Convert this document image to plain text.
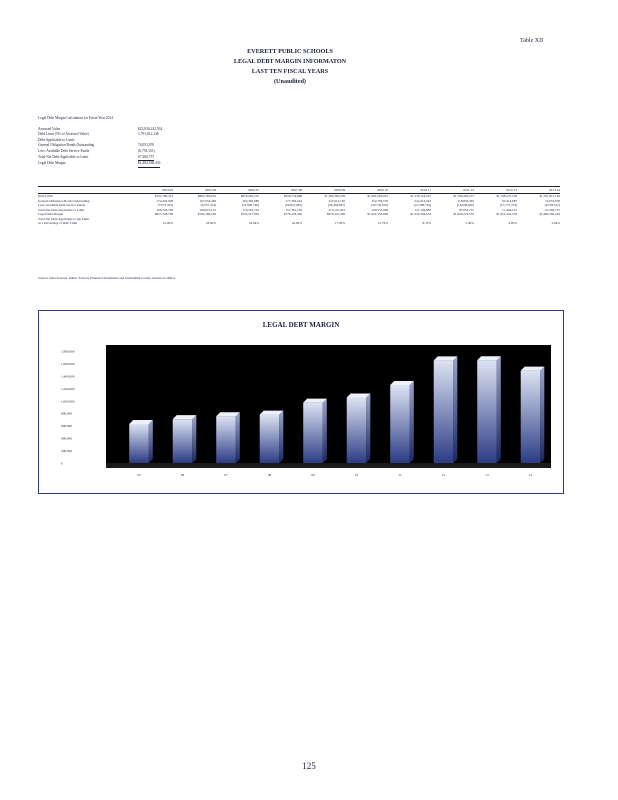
Table XII
EVERETT PUBLIC SCHOOLS
LEGAL DEBT MARGIN INFORMATON
LAST TEN FISCAL YEARS
(Unaudited)
Legal Debt Margin Calculation for Fiscal Year 2014
Assessed Value	$23,836,242,534
Debt Limit (5% of Assessed Value)	1,791,812,146
Debt Applicable to Limit:
General Obligation Bonds Outstanding	74,053,976
Less: Available Debt Service Funds	(6,793,161)
Total Net Debt Applicable to Limit	67,260,757
Legal Debt Margin	$1,484,560,433
2004-05	2005-06	2006-07	2007-08	2008-09	2009-10	2010-11	2011-12	2012-13	2013-14
Debt Limit	$701,789,312	$865,183,032	$879,402,210	$958,734,868	$1,183,360,239	$1,281,063,023	$1,578,124,227	$1,796,402,277	$1,798,272,108	$1,791,812,146
General Obligation Bonds Outstanding	174,402,028	167,032,439	202,365,986	177,302,424	247,612,165	252,706,578	242,414,543	218,832,463	93,414,687	74,053,976
Less: Available Debt Service Funds	(7,673,245)	(6,357,314)	(31,840,746)	(20,815,285)	(34,464,827)	(30,150,610)	(21,268,726)	(16,058,650)	(17,775,754)	(6,793,161)
Total Net Debt Applicable to Limit	166,728,783	160,675,125	170,765,710	157,361,140	213,147,461	160,555,968	121,146,887	87,054,757	77,464,121	67,260,757
Legal Debt Margin	$627,548,746	$704,180,230	$752,317,981	$778,432,430	$970,241,309	$1,052,550,660	$1,254,504,633	$1,650,276,555	$1,652,224,578	$1,484,560,433
Total Net Debt Applicable to the Limit
as a Percentage of Debt Limit	21.00%	18.00%	18.04%	16.82%	17.95%	12.76%	8.70%	5.40%	4.85%	3.64%
Source: Data Sources: Public Schools Financial Statements and Snohomish County Assessor's Office
LEGAL DEBT MARGIN
0
200,000
400,000
600,000
800,000
1,000,000
1,200,000
1,400,000
1,600,000
1,800,000
05	06	07	08	09	10	11	12	13	14
125
